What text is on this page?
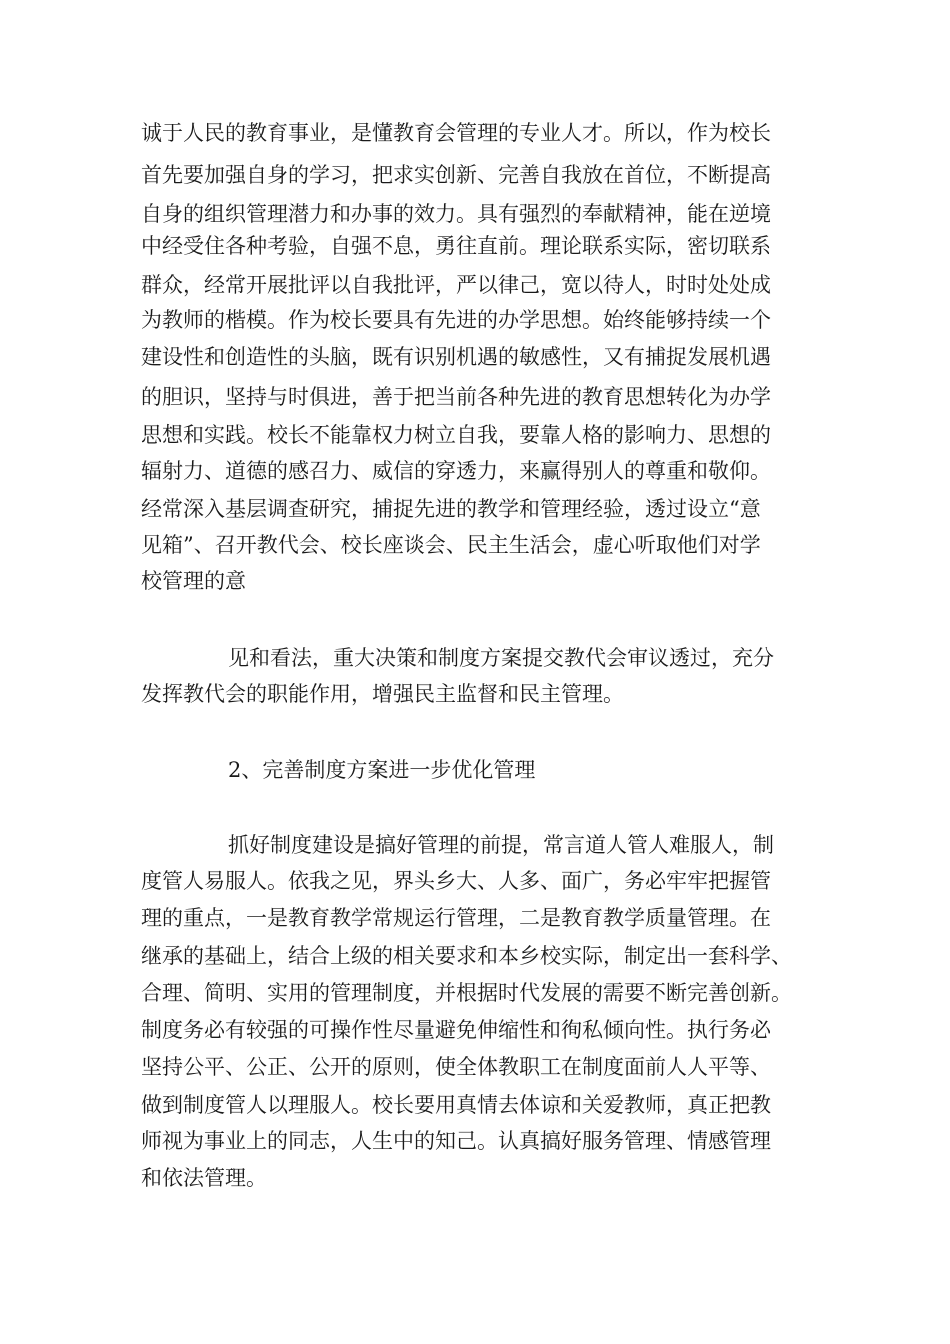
诚于人民的教育事业，是懂教育会管理的专业人才。所以，作为校长
首先要加强自身的学习，把求实创新、完善自我放在首位，不断提高
自身的组织管理潜力和办事的效力。具有强烈的奉献精神，能在逆境
中经受住各种考验，自强不息，勇往直前。理论联系实际，密切联系
群众，经常开展批评以自我批评，严以律己，宽以待人，时时处处成
为教师的楷模。作为校长要具有先进的办学思想。始终能够持续一个
建设性和创造性的头脑，既有识别机遇的敏感性，又有捕捉发展机遇
的胆识，坚持与时俱进，善于把当前各种先进的教育思想转化为办学
思想和实践。校长不能靠权力树立自我，要靠人格的影响力、思想的
辐射力、道德的感召力、威信的穿透力，来赢得别人的尊重和敬仰。
经常深入基层调查研究，捕捉先进的教学和管理经验，透过设立“意
见箱”、召开教代会、校长座谈会、民主生活会，虚心听取他们对学
校管理的意
见和看法，重大决策和制度方案提交教代会审议透过，充分
发挥教代会的职能作用，增强民主监督和民主管理。
2、完善制度方案进一步优化管理
抓好制度建设是搞好管理的前提，常言道人管人难服人，制
度管人易服人。依我之见，界头乡大、人多、面广，务必牢牢把握管
理的重点，一是教育教学常规运行管理，二是教育教学质量管理。在
继承的基础上，结合上级的相关要求和本乡校实际，制定出一套科学、
合理、简明、实用的管理制度，并根据时代发展的需要不断完善创新。
制度务必有较强的可操作性尽量避免伸缩性和徇私倾向性。执行务必
坚持公平、公正、公开的原则，使全体教职工在制度面前人人平等、
做到制度管人以理服人。校长要用真情去体谅和关爱教师，真正把教
师视为事业上的同志，人生中的知己。认真搞好服务管理、情感管理
和依法管理。
